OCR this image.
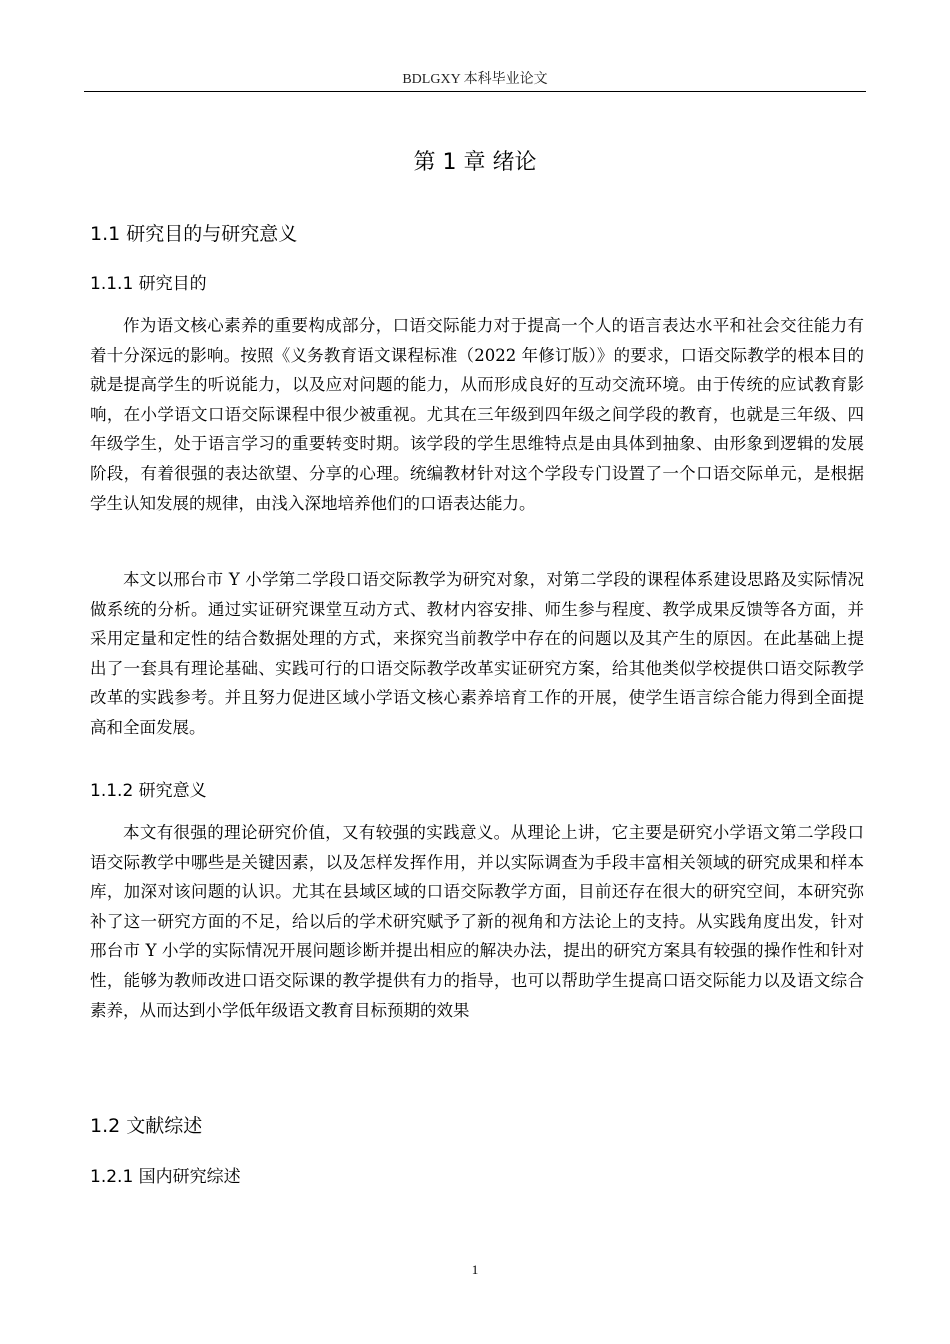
BDLGXY 本科毕业论文
第 1 章 绪论
1.1 研究目的与研究意义
1.1.1 研究目的

作为语文核心素养的重要构成部分，口语交际能力对于提高一个人的语言表达水平和社会交往能力有着十分深远的影响。按照《义务教育语文课程标准（2022 年修订版）》的要求，口语交际教学的根本目的就是提高学生的听说能力，以及应对问题的能力，从而形成良好的互动交流环境。由于传统的应试教育影响，在小学语文口语交际课程中很少被重视。尤其在三年级到四年级之间学段的教育，也就是三年级、四年级学生，处于语言学习的重要转变时期。该学段的学生思维特点是由具体到抽象、由形象到逻辑的发展阶段，有着很强的表达欲望、分享的心理。统编教材针对这个学段专门设置了一个口语交际单元，是根据学生认知发展的规律，由浅入深地培养他们的口语表达能力。

本文以邢台市 Y 小学第二学段口语交际教学为研究对象，对第二学段的课程体系建设思路及实际情况做系统的分析。通过实证研究课堂互动方式、教材内容安排、师生参与程度、教学成果反馈等各方面，并采用定量和定性的结合数据处理的方式，来探究当前教学中存在的问题以及其产生的原因。在此基础上提出了一套具有理论基础、实践可行的口语交际教学改革实证研究方案，给其他类似学校提供口语交际教学改革的实践参考。并且努力促进区域小学语文核心素养培育工作的开展，使学生语言综合能力得到全面提高和全面发展。

1.1.2 研究意义

本文有很强的理论研究价值，又有较强的实践意义。从理论上讲，它主要是研究小学语文第二学段口语交际教学中哪些是关键因素，以及怎样发挥作用，并以实际调查为手段丰富相关领域的研究成果和样本库，加深对该问题的认识。尤其在县域区域的口语交际教学方面，目前还存在很大的研究空间，本研究弥补了这一研究方面的不足，给以后的学术研究赋予了新的视角和方法论上的支持。从实践角度出发，针对邢台市 Y 小学的实际情况开展问题诊断并提出相应的解决办法，提出的研究方案具有较强的操作性和针对性，能够为教师改进口语交际课的教学提供有力的指导，也可以帮助学生提高口语交际能力以及语文综合素养，从而达到小学低年级语文教育目标预期的效果

1.2 文献综述
1.2.1 国内研究综述
1
